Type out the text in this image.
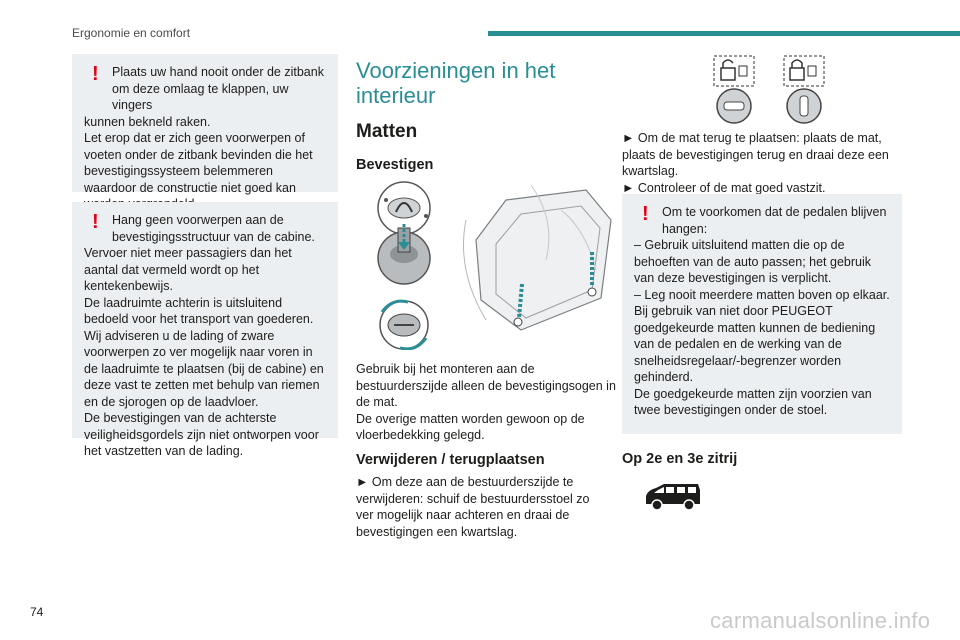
Ergonomie en comfort
! Plaats uw hand nooit onder de zitbank om deze omlaag te klappen, uw vingers

kunnen bekneld raken.

Let erop dat er zich geen voorwerpen of voeten onder de zitbank bevinden die het bevestigingssysteem belemmeren waardoor de constructie niet goed kan

! Hang geen voorwerpen aan de bevestigingsstructuur van de cabine.

Vervoer niet meer passagiers dan het aantal dat vermeld wordt op het kentekenbewijs.

De laadruimte achterin is uitsluitend bedoeld voor het transport van goederen.

Wij adviseren u de lading of zware voorwerpen zo ver mogelijk naar voren in de laadruimte te plaatsen (bij de cabine) en deze vast te zetten met behulp van riemen en de sjorogen op de laadvloer.

De bevestigingen van de achterste veiligheidsgordels zijn niet ontworpen voor het vastzetten van de lading.

Voorzieningen in het interieur
Matten
Bevestigen

Gebruik bij het monteren aan de bestuurderszijde alleen de bevestigingsogen in de mat.

De overige matten worden gewoon op de vloerbedekking gelegd.

Verwijderen / terugplaatsen

► Om deze aan de bestuurderszijde te verwijderen: schuif de bestuurdersstoel zo ver mogelijk naar achteren en draai de bevestigingen een kwartslag.

► Om de mat terug te plaatsen: plaats de mat, plaats de bevestigingen terug en draai deze een kwartslag.

► Controleer of de mat goed vastzit.

! Om te voorkomen dat de pedalen blijven hangen:

– Gebruik uitsluitend matten die op de behoeften van de auto passen; het gebruik van deze bevestigingen is verplicht.

– Leg nooit meerdere matten boven op elkaar.

Bij gebruik van niet door PEUGEOT goedgekeurde matten kunnen de bediening van de pedalen en de werking van de snelheidsregelaar/-begrenzer worden gehinderd.

De goedgekeurde matten zijn voorzien van twee bevestigingen onder de stoel.

Op 2e en 3e zitrij
74	carmanualsonline.info
